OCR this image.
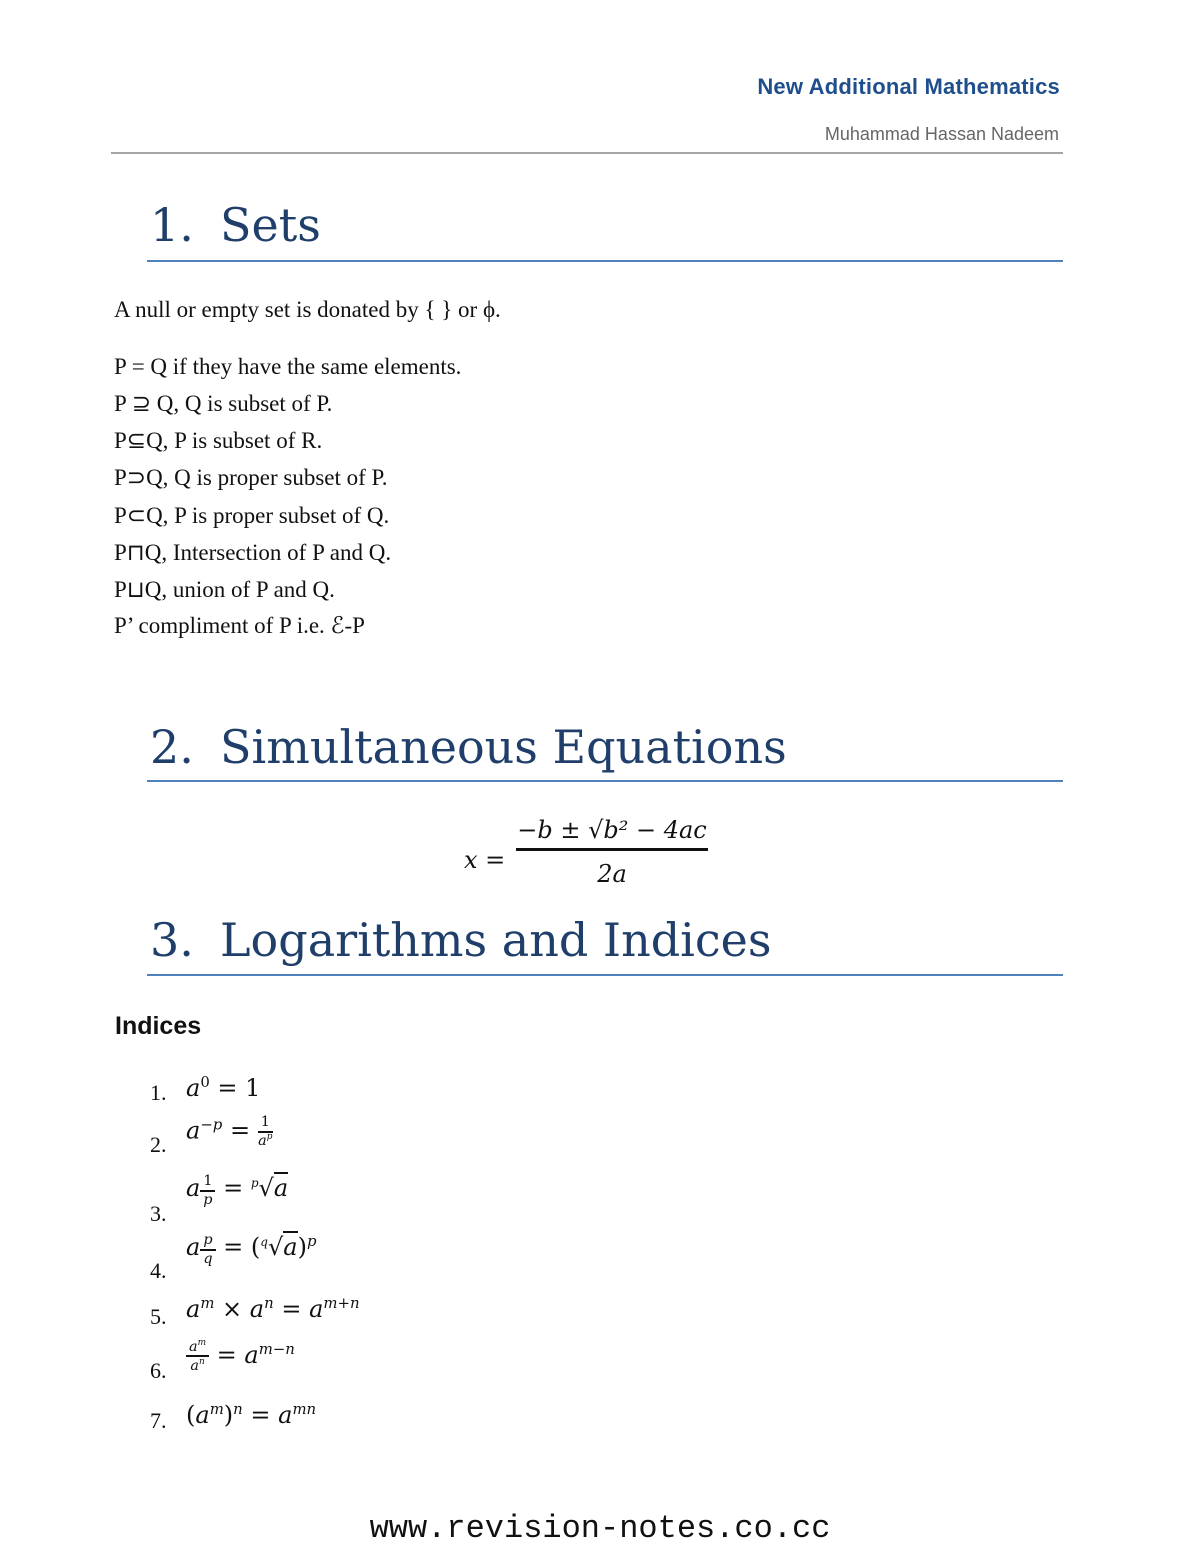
New Additional Mathematics
Muhammad Hassan Nadeem
1. Sets
A null or empty set is donated by { } or ϕ.
P = Q if they have the same elements.
P ⊇ Q, Q is subset of P.
P⊆Q, P is subset of R.
P⊃Q, Q is proper subset of P.
P⊂Q, P is proper subset of Q.
P⊓Q, Intersection of P and Q.
P⊔Q, union of P and Q.
P’ compliment of P i.e. ℰ-P
2. Simultaneous Equations
x =
−b ± √b² − 4ac
2a
3. Logarithms and Indices
Indices
1. $a^0 = 1$
2.
$a^{-p} = \frac{1}{a^p}$
3.
a $\frac{1}{p} = ^p√a$
4.
a $\frac{p}{q} = (^q√a)^p$
5. $a^m \times a^n = a^{m+n}$
6. $\frac{a^m}{a^n} = a^{m-n}$
7. $(a^m)^n = a^{mn}$
www.revision-notes.co.cc
